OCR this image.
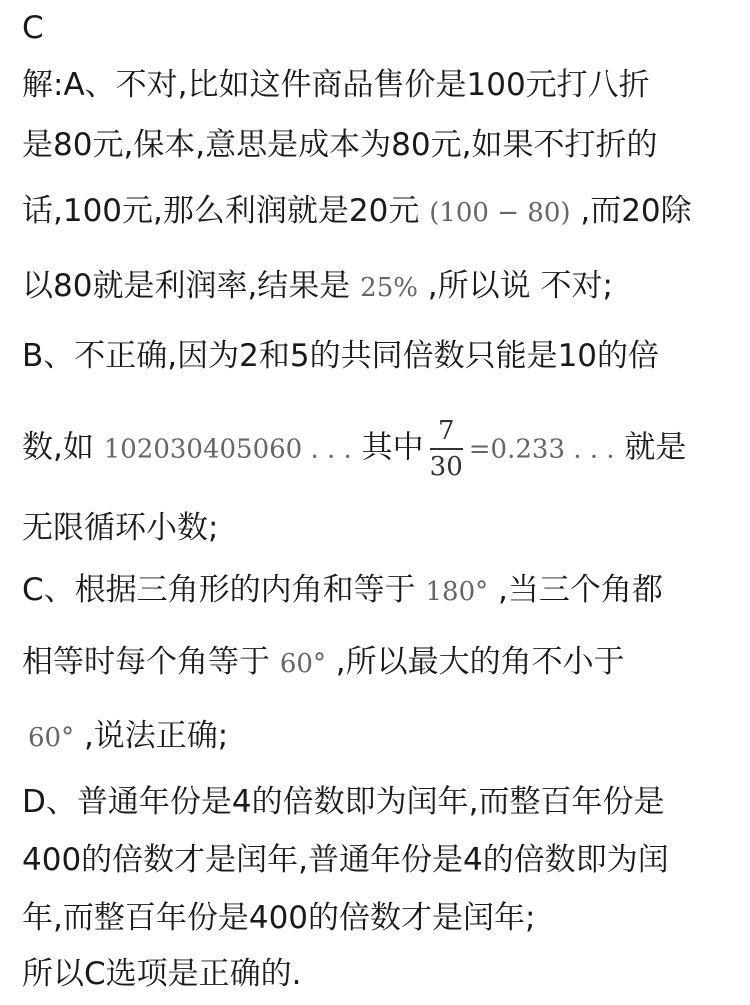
C
解:A、不对,比如这件商品售价是100元打八折
是80元,保本,意思是成本为80元,如果不打折的
话,100元,那么利润就是20元 (100 − 80) ,而20除
以80就是利润率,结果是 25% ,所以说 不对;
B、不正确,因为2和5的共同倍数只能是10的倍
数,如 102030405060 . . . 其中 $\frac{7}{30} =0.233$ . . . 就是
无限循环小数;
C、根据三角形的内角和等于 180° ,当三个角都
相等时每个角等于 60° ,所以最大的角不小于
60° ,说法正确;
D、普通年份是4的倍数即为闰年,而整百年份是
400的倍数才是闰年,普通年份是4的倍数即为闰
年,而整百年份是400的倍数才是闰年;
所以C选项是正确的.
